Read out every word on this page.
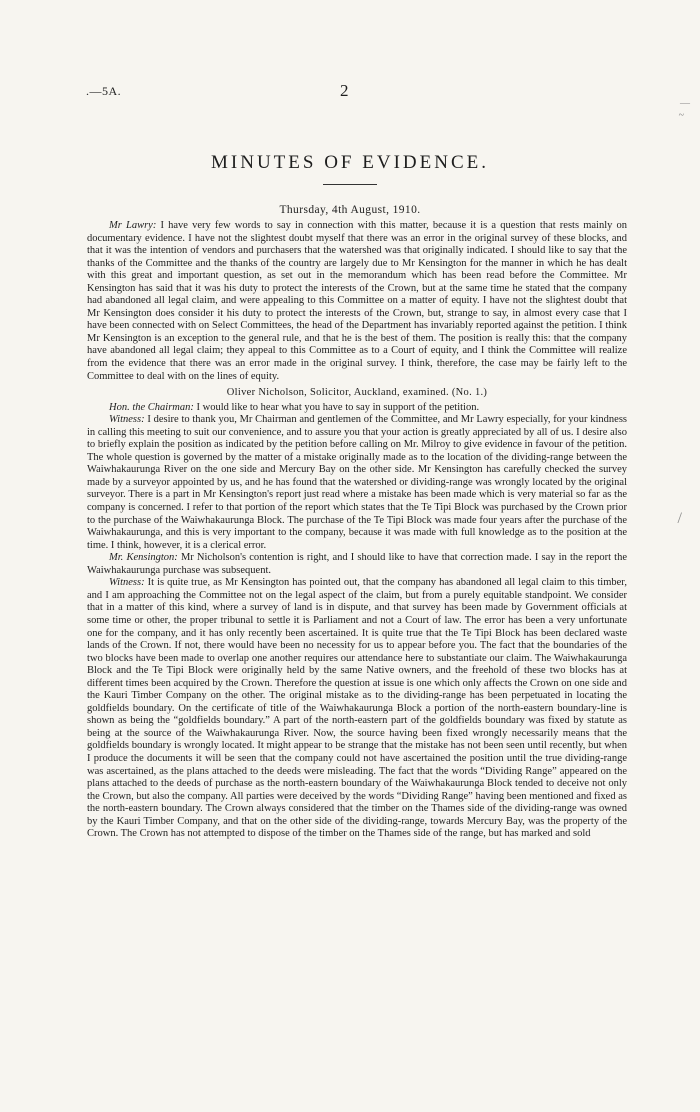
.—5A.	2
—
~
/
MINUTES OF EVIDENCE.
Thursday, 4th August, 1910.

Mr Lawry: I have very few words to say in connection with this matter, because it is a question that rests mainly on documentary evidence. I have not the slightest doubt myself that there was an error in the original survey of these blocks, and that it was the intention of vendors and purchasers that the watershed was that originally indicated. I should like to say that the thanks of the Committee and the thanks of the country are largely due to Mr Kensington for the manner in which he has dealt with this great and important question, as set out in the memorandum which has been read before the Committee. Mr Kensington has said that it was his duty to protect the interests of the Crown, but at the same time he stated that the company had abandoned all legal claim, and were appealing to this Committee on a matter of equity. I have not the slightest doubt that Mr Kensington does consider it his duty to protect the interests of the Crown, but, strange to say, in almost every case that I have been connected with on Select Committees, the head of the Department has invariably reported against the petition. I think Mr Kensington is an exception to the general rule, and that he is the best of them. The position is really this: that the company have abandoned all legal claim; they appeal to this Committee as to a Court of equity, and I think the Committee will realize from the evidence that there was an error made in the original survey. I think, therefore, the case may be fairly left to the Committee to deal with on the lines of equity.

Oliver Nicholson, Solicitor, Auckland, examined. (No. 1.)

Hon. the Chairman: I would like to hear what you have to say in support of the petition.

Witness: I desire to thank you, Mr Chairman and gentlemen of the Committee, and Mr Lawry especially, for your kindness in calling this meeting to suit our convenience, and to assure you that your action is greatly appreciated by all of us. I desire also to briefly explain the position as indicated by the petition before calling on Mr. Milroy to give evidence in favour of the petition. The whole question is governed by the matter of a mistake originally made as to the location of the dividing-range between the Waiwhakaurunga River on the one side and Mercury Bay on the other side. Mr Kensington has carefully checked the survey made by a surveyor appointed by us, and he has found that the watershed or dividing-range was wrongly located by the original surveyor. There is a part in Mr Kensington's report just read where a mistake has been made which is very material so far as the company is concerned. I refer to that portion of the report which states that the Te Tipi Block was purchased by the Crown prior to the purchase of the Waiwhakaurunga Block. The purchase of the Te Tipi Block was made four years after the purchase of the Waiwhakaurunga, and this is very important to the company, because it was made with full knowledge as to the position at the time. I think, however, it is a clerical error.

Mr. Kensington: Mr Nicholson's contention is right, and I should like to have that correction made. I say in the report the Waiwhakaurunga purchase was subsequent.

Witness: It is quite true, as Mr Kensington has pointed out, that the company has abandoned all legal claim to this timber, and I am approaching the Committee not on the legal aspect of the claim, but from a purely equitable standpoint. We consider that in a matter of this kind, where a survey of land is in dispute, and that survey has been made by Government officials at some time or other, the proper tribunal to settle it is Parliament and not a Court of law. The error has been a very unfortunate one for the company, and it has only recently been ascertained. It is quite true that the Te Tipi Block has been declared waste lands of the Crown. If not, there would have been no necessity for us to appear before you. The fact that the boundaries of the two blocks have been made to overlap one another requires our attendance here to substantiate our claim. The Waiwhakaurunga Block and the Te Tipi Block were originally held by the same Native owners, and the freehold of these two blocks has at different times been acquired by the Crown. Therefore the question at issue is one which only affects the Crown on one side and the Kauri Timber Company on the other. The original mistake as to the dividing-range has been perpetuated in locating the goldfields boundary. On the certificate of title of the Waiwhakaurunga Block a portion of the north-eastern boundary-line is shown as being the “goldfields boundary.” A part of the north-eastern part of the goldfields boundary was fixed by statute as being at the source of the Waiwhakaurunga River. Now, the source having been fixed wrongly necessarily means that the goldfields boundary is wrongly located. It might appear to be strange that the mistake has not been seen until recently, but when I produce the documents it will be seen that the company could not have ascertained the position until the true dividing-range was ascertained, as the plans attached to the deeds were misleading. The fact that the words “Dividing Range” appeared on the plans attached to the deeds of purchase as the north-eastern boundary of the Waiwhakaurunga Block tended to deceive not only the Crown, but also the company. All parties were deceived by the words “Dividing Range” having been mentioned and fixed as the north-eastern boundary. The Crown always considered that the timber on the Thames side of the dividing-range was owned by the Kauri Timber Company, and that on the other side of the dividing-range, towards Mercury Bay, was the property of the Crown. The Crown has not attempted to dispose of the timber on the Thames side of the range, but has marked and sold
